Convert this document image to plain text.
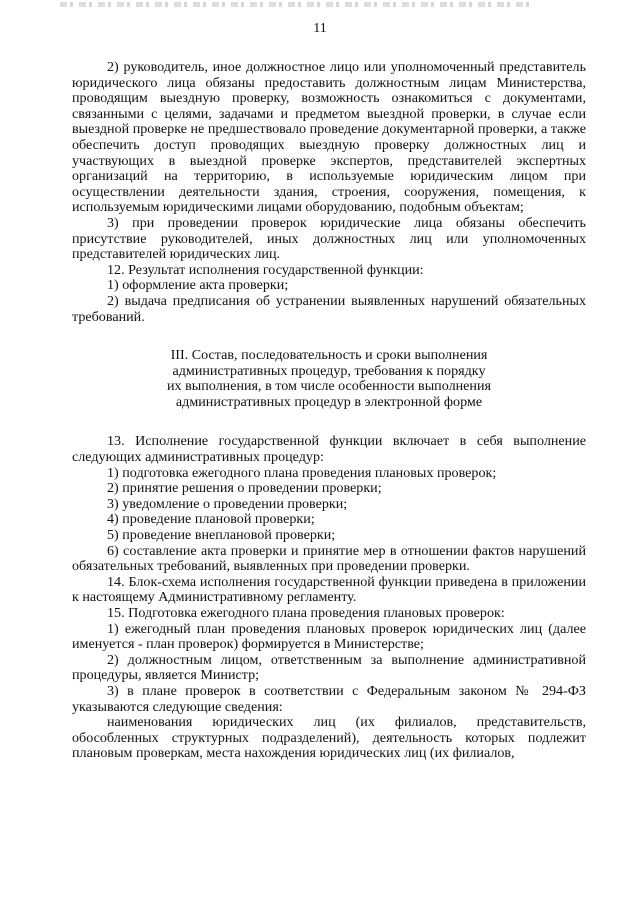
11

2) руководитель, иное должностное лицо или уполномоченный представитель юридического лица обязаны предоставить должностным лицам Министерства, проводящим выездную проверку, возможность ознакомиться с документами, связанными с целями, задачами и предметом выездной проверки, в случае если выездной проверке не предшествовало проведение документарной проверки, а также обеспечить доступ проводящих выездную проверку должностных лиц и участвующих в выездной проверке экспертов, представителей экспертных организаций на территорию, в используемые юридическим лицом при осуществлении деятельности здания, строения, сооружения, помещения, к используемым юридическими лицами оборудованию, подобным объектам;

3) при проведении проверок юридические лица обязаны обеспечить присутствие руководителей, иных должностных лиц или уполномоченных представителей юридических лиц.

12. Результат исполнения государственной функции:

1) оформление акта проверки;

2) выдача предписания об устранении выявленных нарушений обязательных требований.

III. Состав, последовательность и сроки выполнения
административных процедур, требования к порядку
их выполнения, в том числе особенности выполнения
административных процедур в электронной форме

13. Исполнение государственной функции включает в себя выполнение следующих административных процедур:

1) подготовка ежегодного плана проведения плановых проверок;

2) принятие решения о проведении проверки;

3) уведомление о проведении проверки;

4) проведение плановой проверки;

5) проведение внеплановой проверки;

6) составление акта проверки и принятие мер в отношении фактов нарушений обязательных требований, выявленных при проведении проверки.

14. Блок-схема исполнения государственной функции приведена в приложении к настоящему Административному регламенту.

15. Подготовка ежегодного плана проведения плановых проверок:

1) ежегодный план проведения плановых проверок юридических лиц (далее именуется - план проверок) формируется в Министерстве;

2) должностным лицом, ответственным за выполнение административной процедуры, является Министр;

3) в плане проверок в соответствии с Федеральным законом № 294-ФЗ указываются следующие сведения:

наименования юридических лиц (их филиалов, представительств, обособленных структурных подразделений), деятельность которых подлежит плановым проверкам, места нахождения юридических лиц (их филиалов,
